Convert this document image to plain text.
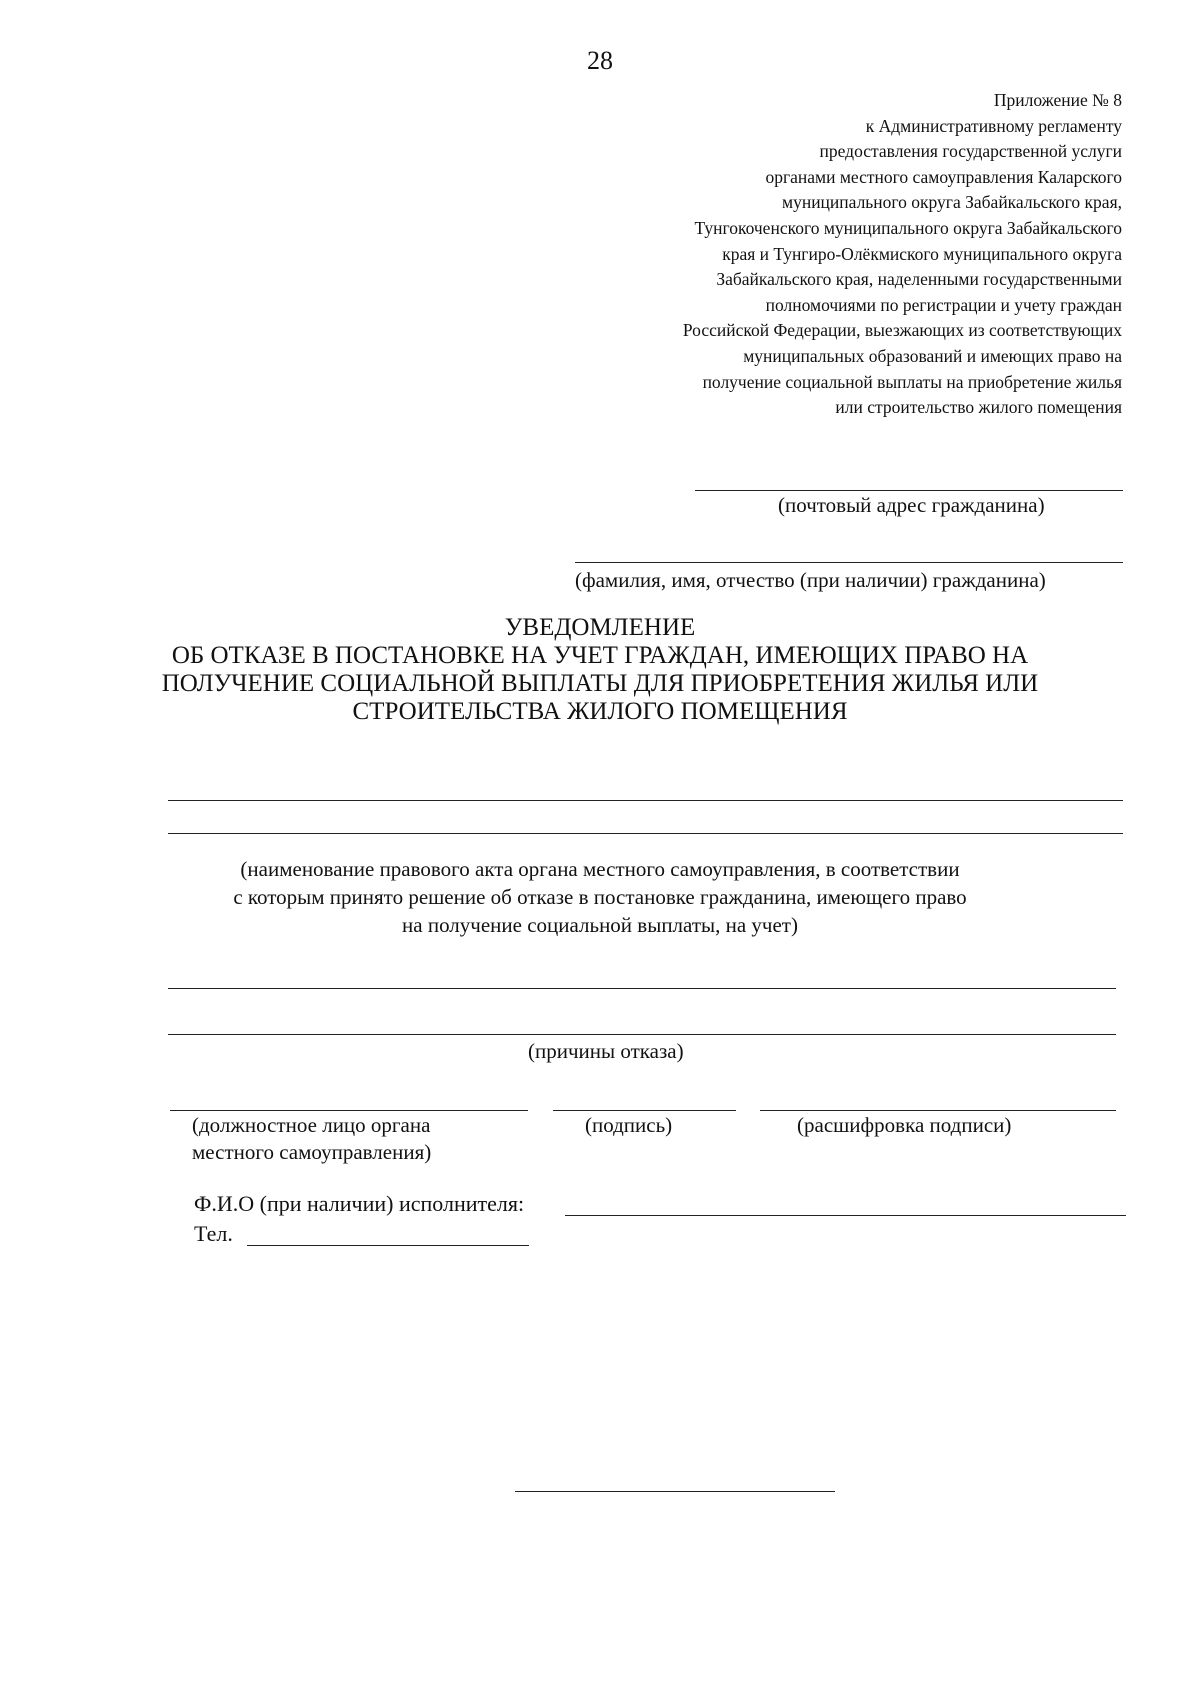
28
Приложение № 8
к Административному регламенту
предоставления государственной услуги
органами местного самоуправления Каларского
муниципального округа Забайкальского края,
Тунгокоченского муниципального округа Забайкальского
края и Тунгиро-Олёкмиского муниципального округа
Забайкальского края, наделенными государственными
полномочиями по регистрации и учету граждан
Российской Федерации, выезжающих из соответствующих
муниципальных образований и имеющих право на
получение социальной выплаты на приобретение жилья
или строительство жилого помещения
(почтовый адрес гражданина)
(фамилия, имя, отчество (при наличии) гражданина)
УВЕДОМЛЕНИЕ
ОБ ОТКАЗЕ В ПОСТАНОВКЕ НА УЧЕТ ГРАЖДАН, ИМЕЮЩИХ ПРАВО НА
ПОЛУЧЕНИЕ СОЦИАЛЬНОЙ ВЫПЛАТЫ ДЛЯ ПРИОБРЕТЕНИЯ ЖИЛЬЯ ИЛИ
СТРОИТЕЛЬСТВА ЖИЛОГО ПОМЕЩЕНИЯ
(наименование правового акта органа местного самоуправления, в соответствии
с которым принято решение об отказе в постановке гражданина, имеющего право
на получение социальной выплаты, на учет)
(причины отказа)
(должностное лицо органа
местного самоуправления)
(подпись)	(расшифровка подписи)
Ф.И.О (при наличии) исполнителя:
Тел.
